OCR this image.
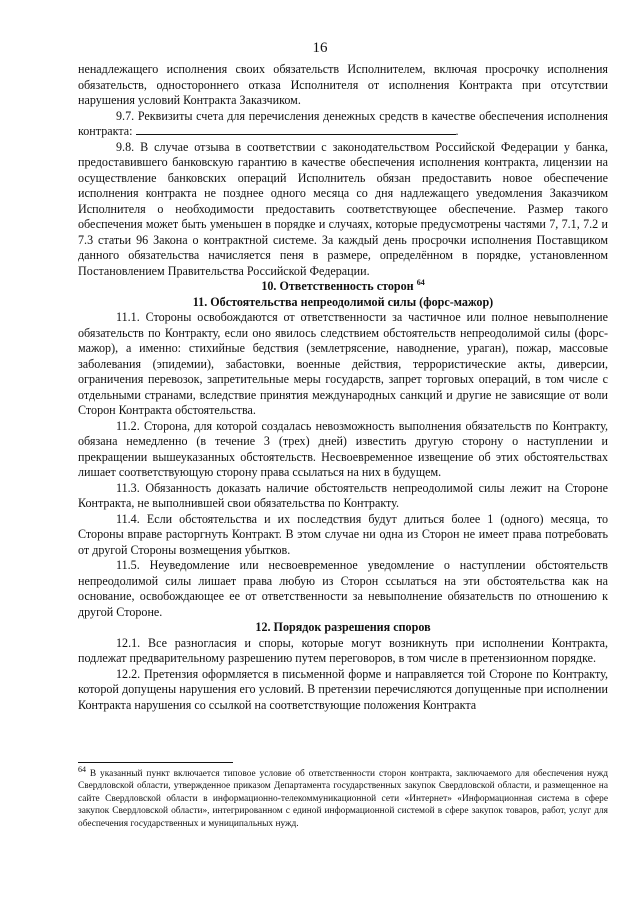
16

ненадлежащего исполнения своих обязательств Исполнителем, включая просрочку исполнения обязательств, одностороннего отказа Исполнителя от исполнения Контракта при отсутствии нарушения условий Контракта Заказчиком.

9.7. Реквизиты счета для перечисления денежных средств в качестве обеспечения исполнения контракта:	.

9.8. В случае отзыва в соответствии с законодательством Российской Федерации у банка, предоставившего банковскую гарантию в качестве обеспечения исполнения контракта, лицензии на осуществление банковских операций Исполнитель обязан предоставить новое обеспечение исполнения контракта не позднее одного месяца со дня надлежащего уведомления Заказчиком Исполнителя о необходимости предоставить соответствующее обеспечение. Размер такого обеспечения может быть уменьшен в порядке и случаях, которые предусмотрены частями 7, 7.1, 7.2 и 7.3 статьи 96 Закона о контрактной системе. За каждый день просрочки исполнения Поставщиком данного обязательства начисляется пеня в размере, определённом в порядке, установленном Постановлением Правительства Российской Федерации.

10. Ответственность сторон $^{64}$

11. Обстоятельства непреодолимой силы (форс-мажор)

11.1. Стороны освобождаются от ответственности за частичное или полное невыполнение обязательств по Контракту, если оно явилось следствием обстоятельств непреодолимой силы (форс-мажор), а именно: стихийные бедствия (землетрясение, наводнение, ураган), пожар, массовые заболевания (эпидемии), забастовки, военные действия, террористические акты, диверсии, ограничения перевозок, запретительные меры государств, запрет торговых операций, в том числе с отдельными странами, вследствие принятия международных санкций и другие не зависящие от воли Сторон Контракта обстоятельства.

11.2. Сторона, для которой создалась невозможность выполнения обязательств по Контракту, обязана немедленно (в течение 3 (трех) дней) известить другую сторону о наступлении и прекращении вышеуказанных обстоятельств. Несвоевременное извещение об этих обстоятельствах лишает соответствующую сторону права ссылаться на них в будущем.

11.3. Обязанность доказать наличие обстоятельств непреодолимой силы лежит на Стороне Контракта, не выполнившей свои обязательства по Контракту.

11.4. Если обстоятельства и их последствия будут длиться более 1 (одного) месяца, то Стороны вправе расторгнуть Контракт. В этом случае ни одна из Сторон не имеет права потребовать от другой Стороны возмещения убытков.

11.5. Неуведомление или несвоевременное уведомление о наступлении обстоятельств непреодолимой силы лишает права любую из Сторон ссылаться на эти обстоятельства как на основание, освобождающее ее от ответственности за невыполнение обязательств по отношению к другой Стороне.

12. Порядок разрешения споров

12.1. Все разногласия и споры, которые могут возникнуть при исполнении Контракта, подлежат предварительному разрешению путем переговоров, в том числе в претензионном порядке.

12.2. Претензия оформляется в письменной форме и направляется той Стороне по Контракту, которой допущены нарушения его условий. В претензии перечисляются допущенные при исполнении Контракта нарушения со ссылкой на соответствующие положения Контракта

$^{64}$ В указанный пункт включается типовое условие об ответственности сторон контракта, заключаемого для обеспечения нужд Свердловской области, утвержденное приказом Департамента государственных закупок Свердловской области, и размещенное на сайте Свердловской области в информационно-телекоммуникационной сети «Интернет» «Информационная система в сфере закупок Свердловской области», интегрированном с единой информационной системой в сфере закупок товаров, работ, услуг для обеспечения государственных и муниципальных нужд.
